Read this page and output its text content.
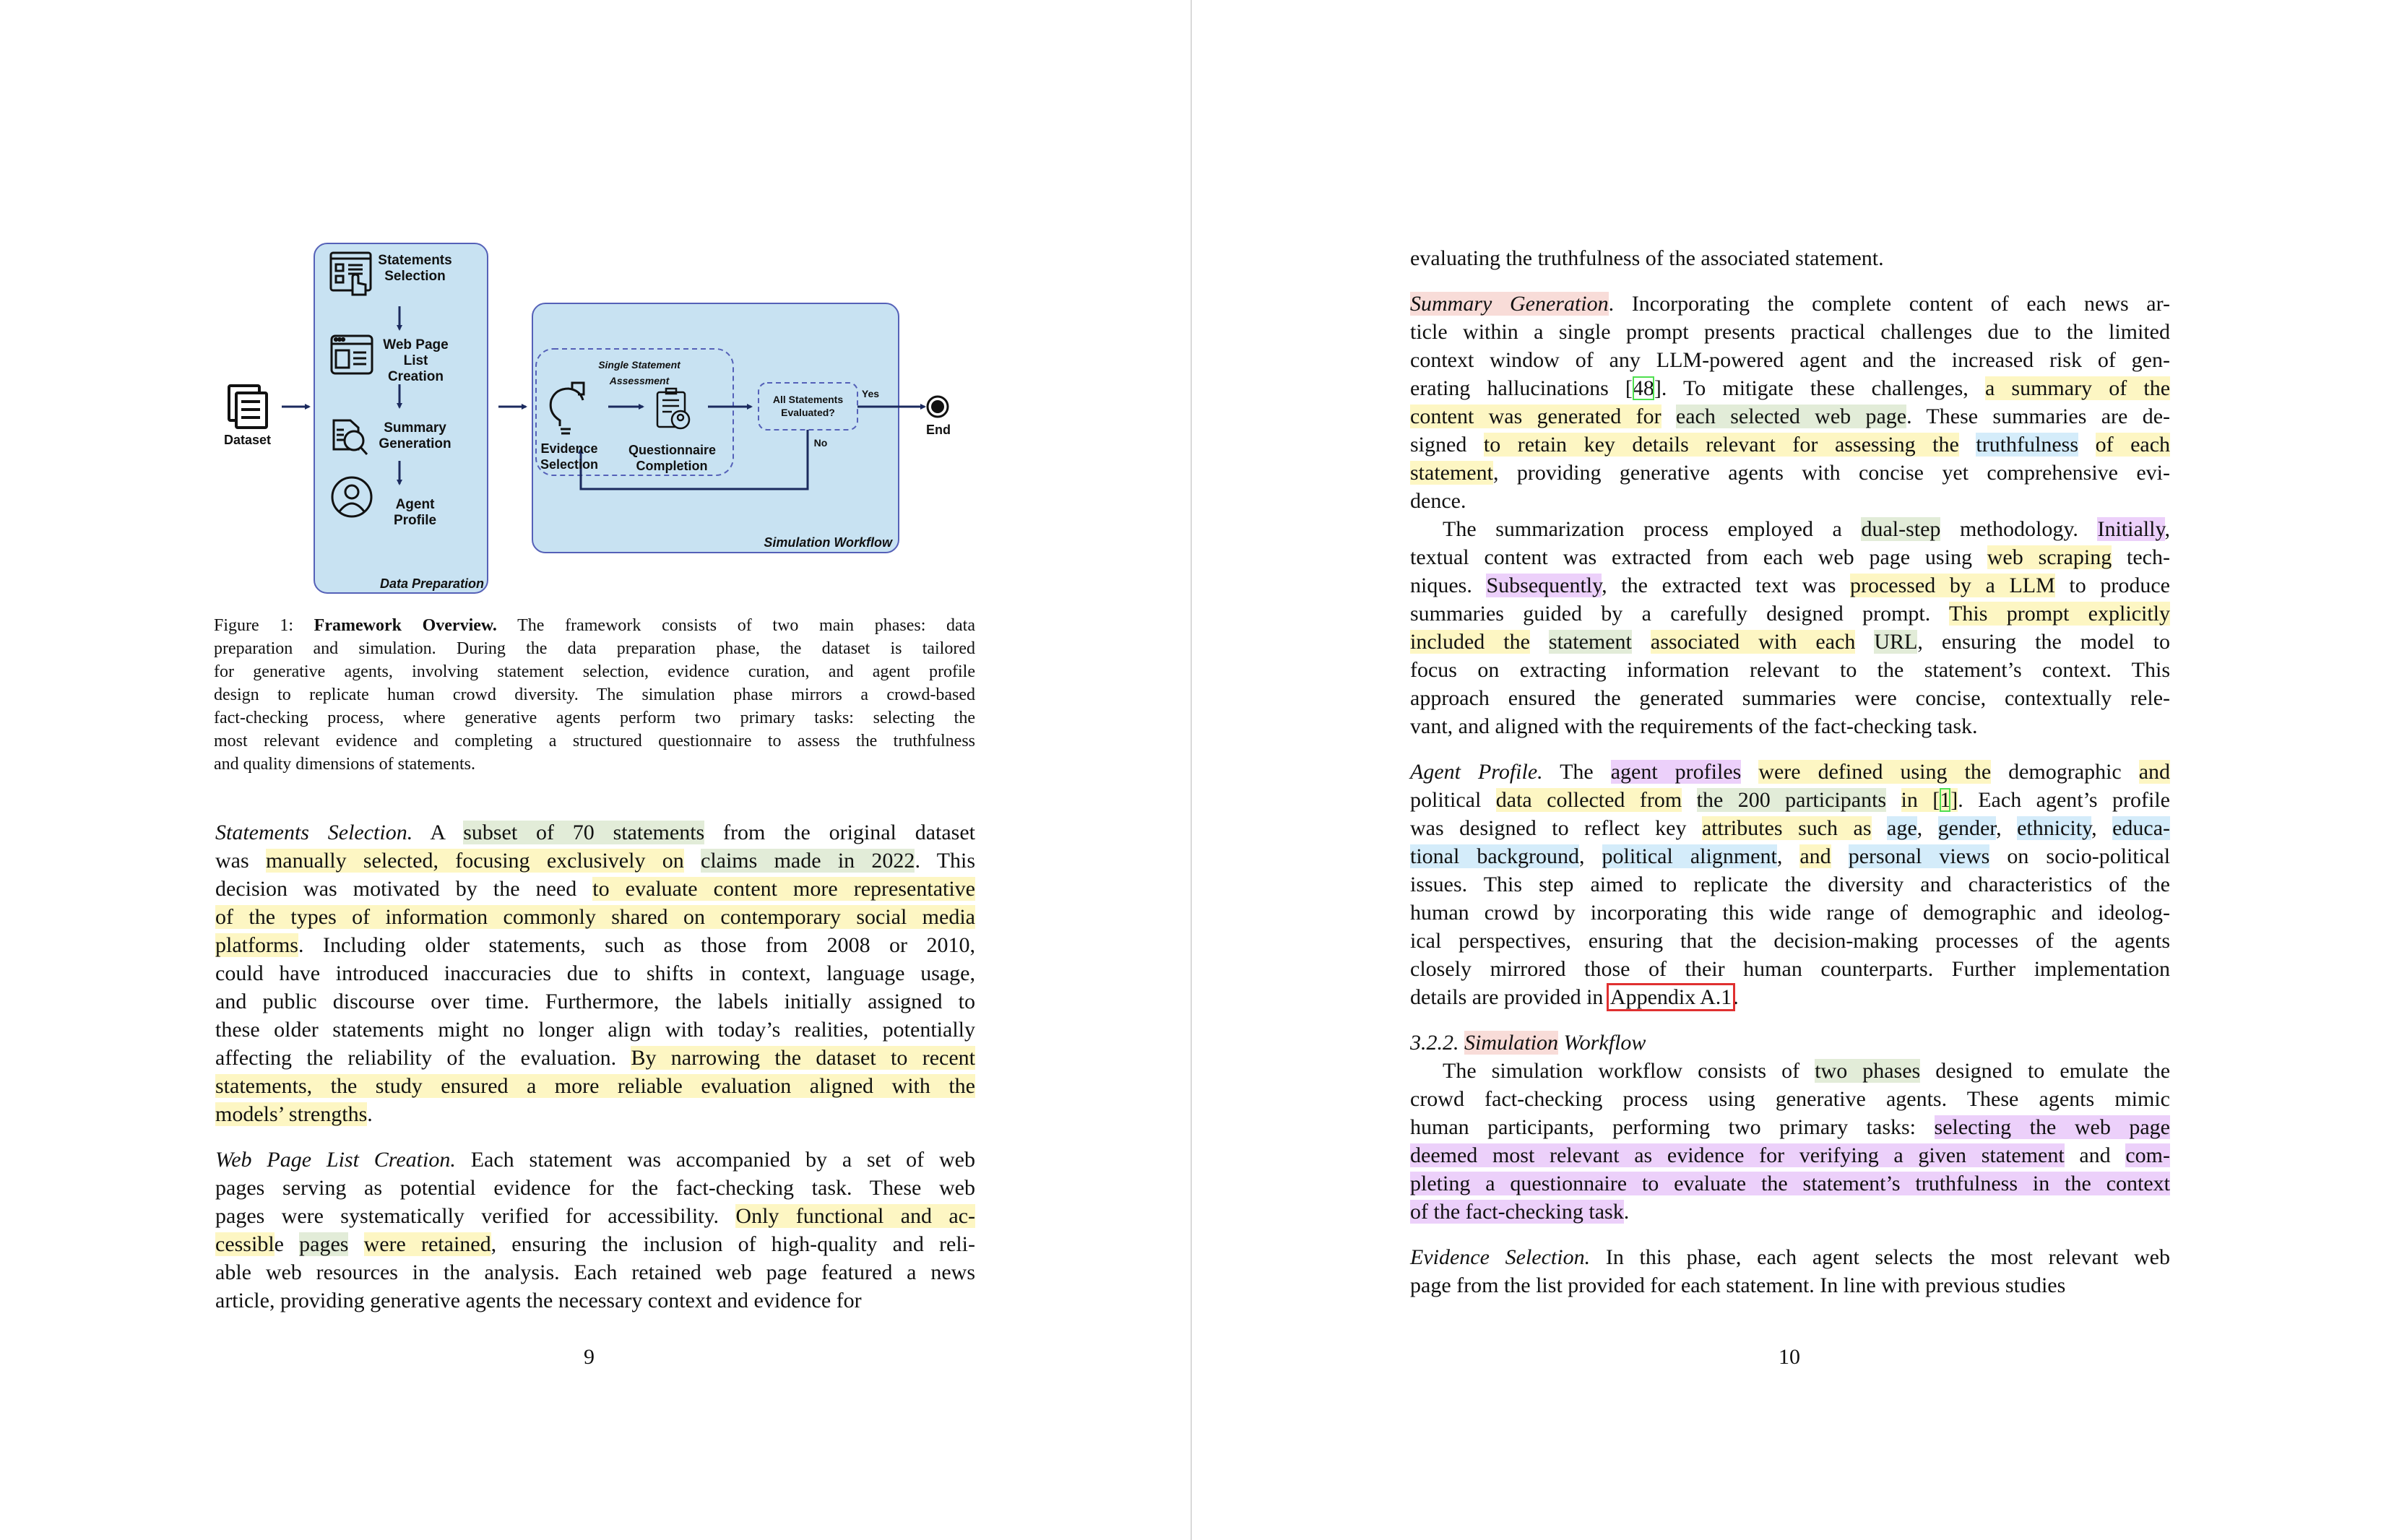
Dataset
Statements
Selection
Web Page
List Creation
Summary
Generation
Agent
Profile
Data Preparation
Single Statement Assessment
Evidence
Selection
Questionnaire
Completion
All Statements
Evaluated?
Yes
No
Simulation Workflow
End
Figure 1: Framework Overview. The framework consists of two main phases: data
preparation and simulation. During the data preparation phase, the dataset is tailored
for generative agents, involving statement selection, evidence curation, and agent profile
design to replicate human crowd diversity. The simulation phase mirrors a crowd-based
fact-checking process, where generative agents perform two primary tasks: selecting the
most relevant evidence and completing a structured questionnaire to assess the truthfulness
and quality dimensions of statements.
Statements Selection. A subset of 70 statements from the original dataset
was manually selected, focusing exclusively on claims made in 2022. This
decision was motivated by the need to evaluate content more representative
of the types of information commonly shared on contemporary social media
platforms. Including older statements, such as those from 2008 or 2010,
could have introduced inaccuracies due to shifts in context, language usage,
and public discourse over time. Furthermore, the labels initially assigned to
these older statements might no longer align with today’s realities, potentially
affecting the reliability of the evaluation. By narrowing the dataset to recent
statements, the study ensured a more reliable evaluation aligned with the
models’ strengths.
Web Page List Creation. Each statement was accompanied by a set of web
pages serving as potential evidence for the fact-checking task. These web
pages were systematically verified for accessibility. Only functional and ac-
cessible pages were retained, ensuring the inclusion of high-quality and reli-
able web resources in the analysis. Each retained web page featured a news
article, providing generative agents the necessary context and evidence for
9
evaluating the truthfulness of the associated statement.
Summary Generation. Incorporating the complete content of each news ar-
ticle within a single prompt presents practical challenges due to the limited
context window of any LLM-powered agent and the increased risk of gen-
erating hallucinations [48]. To mitigate these challenges, a summary of the
content was generated for each selected web page. These summaries are de-
signed to retain key details relevant for assessing the truthfulness of each
statement, providing generative agents with concise yet comprehensive evi-
dence.
The summarization process employed a dual-step methodology. Initially,
textual content was extracted from each web page using web scraping tech-
niques. Subsequently, the extracted text was processed by a LLM to produce
summaries guided by a carefully designed prompt. This prompt explicitly
included the statement associated with each URL, ensuring the model to
focus on extracting information relevant to the statement’s context. This
approach ensured the generated summaries were concise, contextually rele-
vant, and aligned with the requirements of the fact-checking task.
Agent Profile. The agent profiles were defined using the demographic and
political data collected from the 200 participants in [1]. Each agent’s profile
was designed to reflect key attributes such as age, gender, ethnicity, educa-
tional background, political alignment, and personal views on socio-political
issues. This step aimed to replicate the diversity and characteristics of the
human crowd by incorporating this wide range of demographic and ideolog-
ical perspectives, ensuring that the decision-making processes of the agents
closely mirrored those of their human counterparts. Further implementation
details are provided in Appendix A.1.
3.2.2. Simulation Workflow
The simulation workflow consists of two phases designed to emulate the
crowd fact-checking process using generative agents. These agents mimic
human participants, performing two primary tasks: selecting the web page
deemed most relevant as evidence for verifying a given statement and com-
pleting a questionnaire to evaluate the statement’s truthfulness in the context
of the fact-checking task.
Evidence Selection. In this phase, each agent selects the most relevant web
page from the list provided for each statement. In line with previous studies
10
